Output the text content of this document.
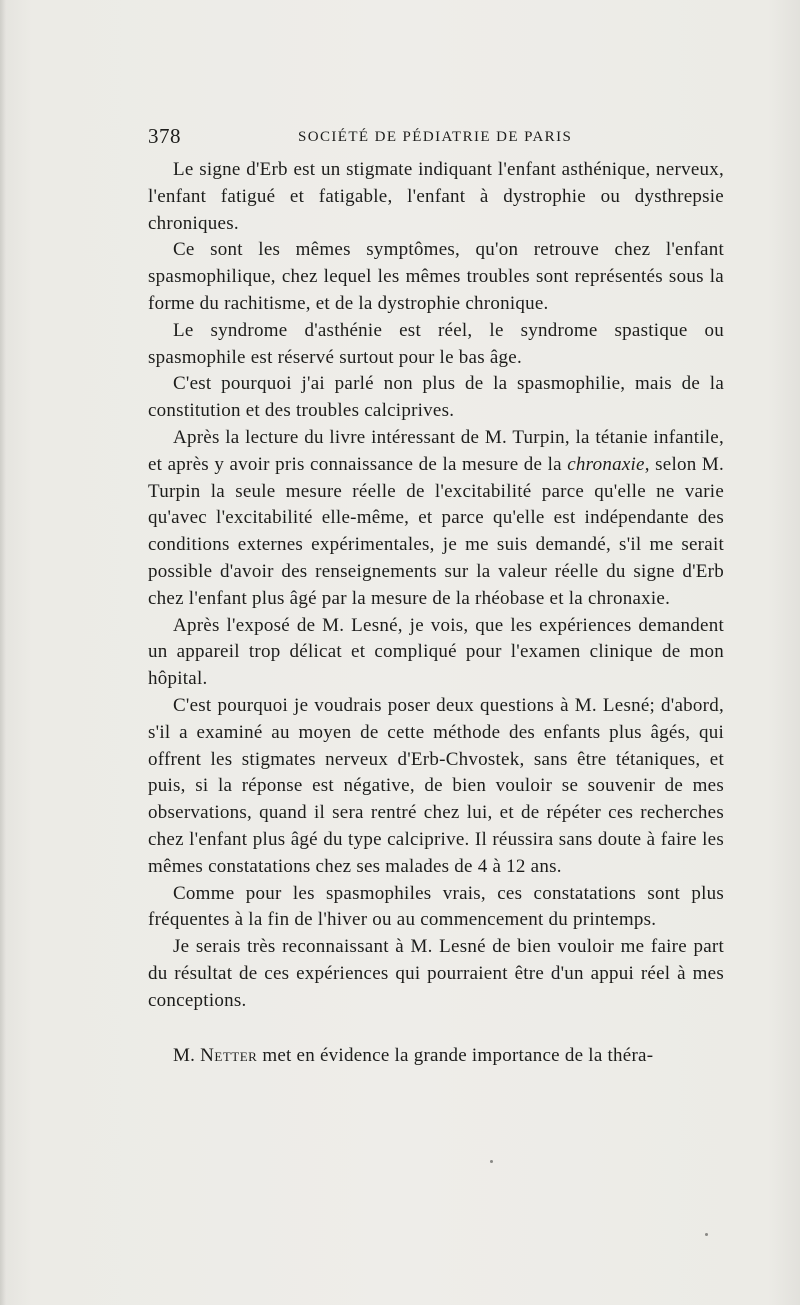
378	SOCIÉTÉ DE PÉDIATRIE DE PARIS

Le signe d'Erb est un stigmate indiquant l'enfant asthénique, nerveux, l'enfant fatigué et fatigable, l'enfant à dystrophie ou dysthrepsie chroniques.

Ce sont les mêmes symptômes, qu'on retrouve chez l'enfant spasmophilique, chez lequel les mêmes troubles sont représentés sous la forme du rachitisme, et de la dystrophie chronique.

Le syndrome d'asthénie est réel, le syndrome spastique ou spasmophile est réservé surtout pour le bas âge.

C'est pourquoi j'ai parlé non plus de la spasmophilie, mais de la constitution et des troubles calciprives.

Après la lecture du livre intéressant de M. Turpin, la tétanie infantile, et après y avoir pris connaissance de la mesure de la chronaxie, selon M. Turpin la seule mesure réelle de l'excitabilité parce qu'elle ne varie qu'avec l'excitabilité elle-même, et parce qu'elle est indépendante des conditions externes expérimentales, je me suis demandé, s'il me serait possible d'avoir des renseignements sur la valeur réelle du signe d'Erb chez l'enfant plus âgé par la mesure de la rhéobase et la chronaxie.

Après l'exposé de M. Lesné, je vois, que les expériences demandent un appareil trop délicat et compliqué pour l'examen clinique de mon hôpital.

C'est pourquoi je voudrais poser deux questions à M. Lesné; d'abord, s'il a examiné au moyen de cette méthode des enfants plus âgés, qui offrent les stigmates nerveux d'Erb-Chvostek, sans être tétaniques, et puis, si la réponse est négative, de bien vouloir se souvenir de mes observations, quand il sera rentré chez lui, et de répéter ces recherches chez l'enfant plus âgé du type calciprive. Il réussira sans doute à faire les mêmes constatations chez ses malades de 4 à 12 ans.

Comme pour les spasmophiles vrais, ces constatations sont plus fréquentes à la fin de l'hiver ou au commencement du printemps.

Je serais très reconnaissant à M. Lesné de bien vouloir me faire part du résultat de ces expériences qui pourraient être d'un appui réel à mes conceptions.

M. Netter met en évidence la grande importance de la théra-
